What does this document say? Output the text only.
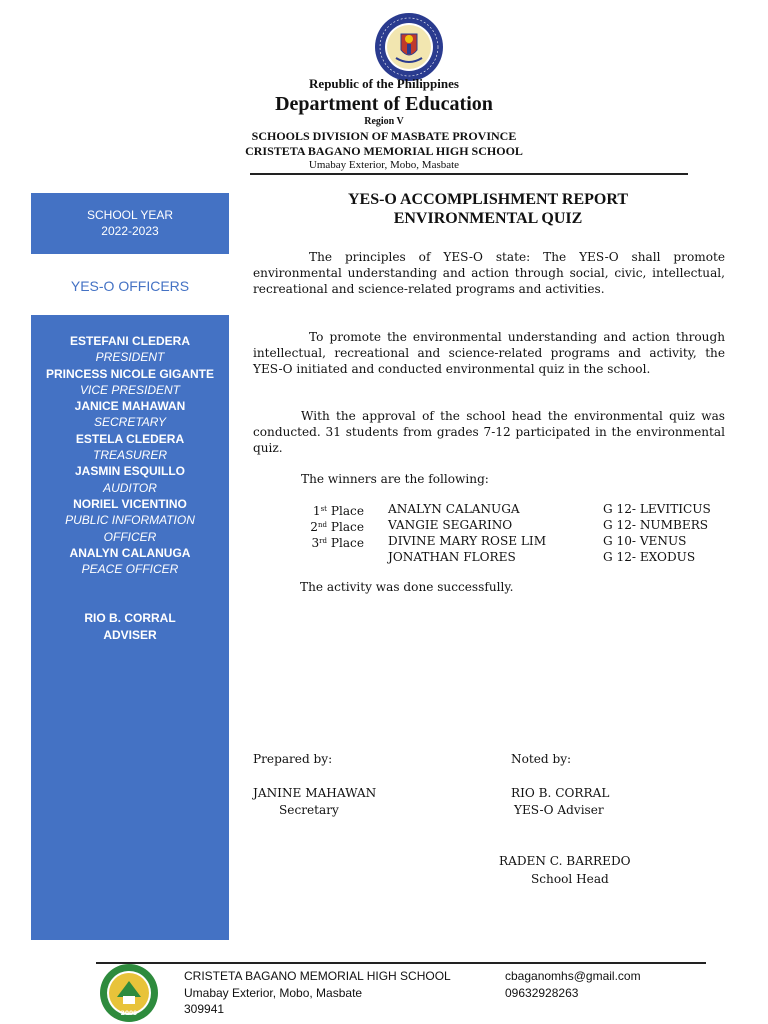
Republic of the Philippines
Department of Education
Region V
SCHOOLS DIVISION OF MASBATE PROVINCE
CRISTETA BAGANO MEMORIAL HIGH SCHOOL
Umabay Exterior, Mobo, Masbate
SCHOOL YEAR
2022-2023
YES-O OFFICERS
ESTEFANI CLEDERA
PRESIDENT
PRINCESS NICOLE GIGANTE
VICE PRESIDENT
JANICE MAHAWAN
SECRETARY
ESTELA CLEDERA
TREASURER
JASMIN ESQUILLO
AUDITOR
NORIEL VICENTINO
PUBLIC INFORMATION OFFICER
ANALYN CALANUGA
PEACE OFFICER
RIO B. CORRAL
ADVISER
YES-O ACCOMPLISHMENT REPORT
ENVIRONMENTAL QUIZ
The principles of YES-O state: The YES-O shall promote environmental understanding and action through social, civic, intellectual, recreational and science-related programs and activities.
To promote the environmental understanding and action through intellectual, recreational and science-related programs and activity, the YES-O initiated and conducted environmental quiz in the school.
With the approval of the school head the environmental quiz was conducted. 31 students from grades 7-12 participated in the environmental quiz.
The winners are the following:
1st Place ANALYN CALANUGA	G 12- LEVITICUS
2nd Place VANGIE SEGARINO	G 12- NUMBERS
3rd Place DIVINE MARY ROSE LIM	G 10- VENUS
JONATHAN FLORES	G 12- EXODUS
The activity was done successfully.
Prepared by:
JANINE MAHAWAN
Secretary
Noted by:
RIO B. CORRAL
YES-O Adviser
RADEN C. BARREDO
School Head
2009
CRISTETA BAGANO MEMORIAL HIGH SCHOOL
Umabay Exterior, Mobo, Masbate
309941
cbaganomhs@gmail.com
09632928263
